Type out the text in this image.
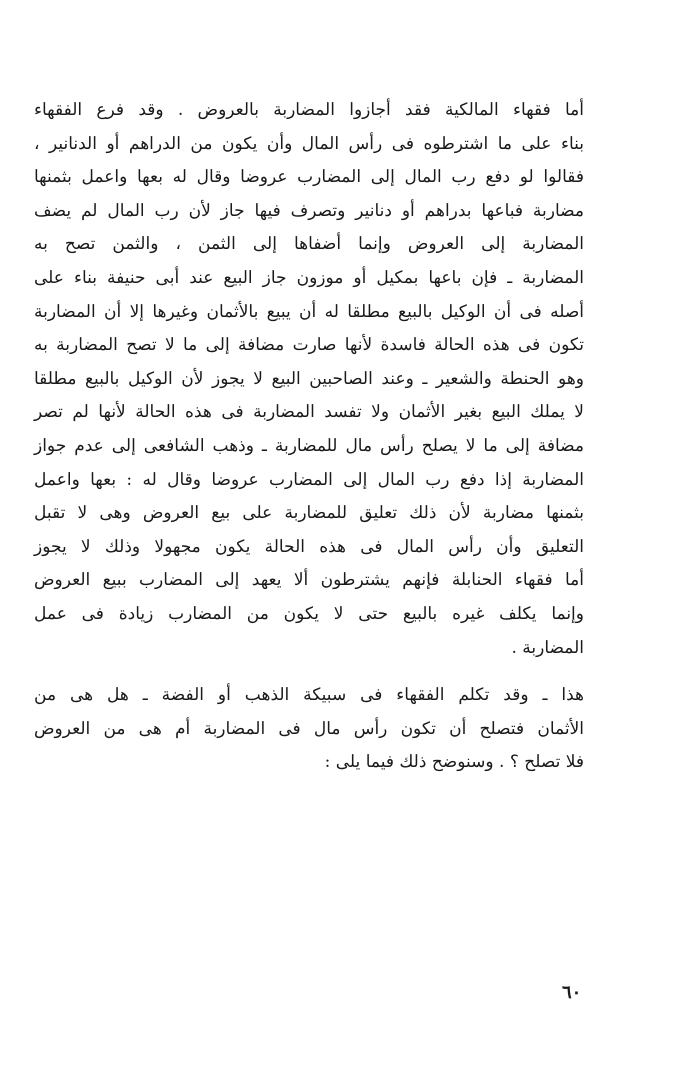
أما فقهاء المالكية فقد أجازوا المضاربة بالعروض . وقد فرع الفقهاء
بناء على ما اشترطوه فى رأس المال وأن يكون من الدراهم أو الدنانير ،
فقالوا لو دفع رب المال إلى المضارب عروضا وقال له بعها واعمل بثمنها
مضاربة فباعها بدراهم أو دنانير وتصرف فيها جاز لأن رب المال لم يضف
المضاربة إلى العروض وإنما أضفاها إلى الثمن ، والثمن تصح به
المضاربة ـ فإن باعها بمكيل أو موزون جاز البيع عند أبى حنيفة بناء على
أصله فى أن الوكيل بالبيع مطلقا له أن يبيع بالأثمان وغيرها إلا أن المضاربة
تكون فى هذه الحالة فاسدة لأنها صارت مضافة إلى ما لا تصح المضاربة به
وهو الحنطة والشعير ـ وعند الصاحبين البيع لا يجوز لأن الوكيل بالبيع مطلقا
لا يملك البيع بغير الأثمان ولا تفسد المضاربة فى هذه الحالة لأنها لم تصر
مضافة إلى ما لا يصلح رأس مال للمضاربة ـ وذهب الشافعى إلى عدم جواز
المضاربة إذا دفع رب المال إلى المضارب عروضا وقال له : بعها واعمل
بثمنها مضاربة لأن ذلك تعليق للمضاربة على بيع العروض وهى لا تقبل
التعليق وأن رأس المال فى هذه الحالة يكون مجهولا وذلك لا يجوز
أما فقهاء الحنابلة فإنهم يشترطون ألا يعهد إلى المضارب ببيع العروض
وإنما يكلف غيره بالبيع حتى لا يكون من المضارب زيادة فى عمل
المضاربة .
هذا ـ وقد تكلم الفقهاء فى سبيكة الذهب أو الفضة ـ هل هى من
الأثمان فتصلح أن تكون رأس مال فى المضاربة أم هى من العروض
فلا تصلح ؟ . وسنوضح ذلك فيما يلى :
٦٠
